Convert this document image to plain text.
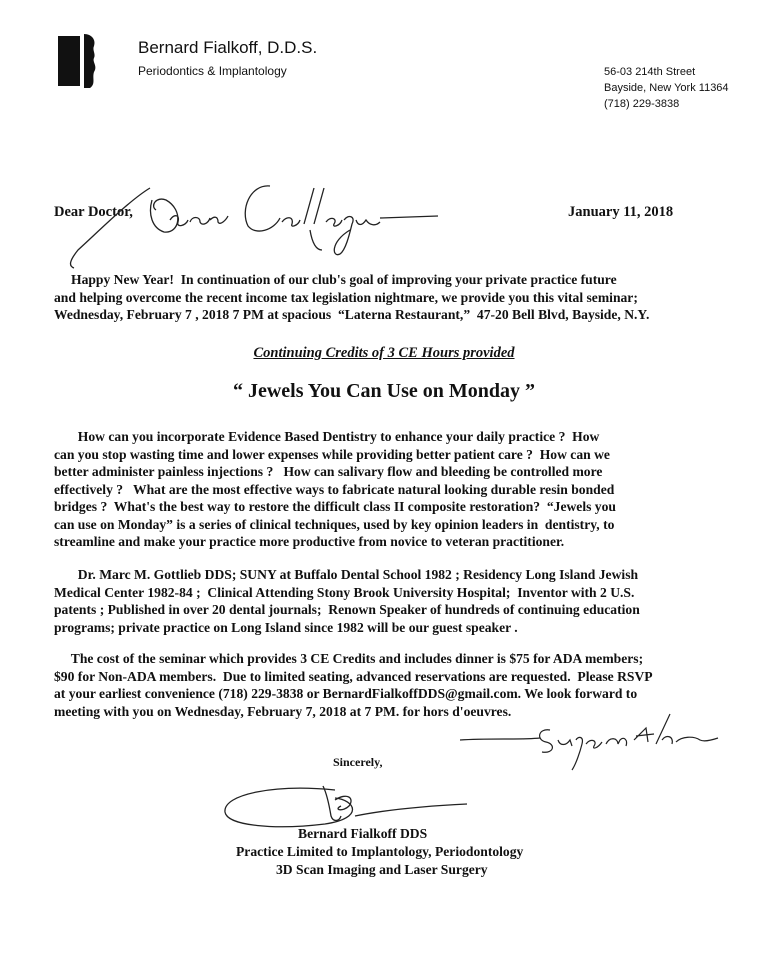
Bernard Fialkoff, D.D.S.
Periodontics & Implantology	56-03 214th Street
Bayside, New York 11364
(718) 229-3838
Dear Doctor,	January 11, 2018
Happy New Year!  In continuation of our club's goal of improving your private practice future
and helping overcome the recent income tax legislation nightmare, we provide you this vital seminar;
Wednesday, February 7 , 2018 7 PM at spacious  “Laterna Restaurant,”  47-20 Bell Blvd, Bayside, N.Y.
Continuing Credits of 3 CE Hours provided
“ Jewels You Can Use on Monday ”
How can you incorporate Evidence Based Dentistry to enhance your daily practice ?  How
can you stop wasting time and lower expenses while providing better patient care ?  How can we
better administer painless injections ?   How can salivary flow and bleeding be controlled more
effectively ?   What are the most effective ways to fabricate natural looking durable resin bonded
bridges ?  What's the best way to restore the difficult class II composite restoration?  “Jewels you
can use on Monday” is a series of clinical techniques, used by key opinion leaders in  dentistry, to
streamline and make your practice more productive from novice to veteran practitioner.
Dr. Marc M. Gottlieb DDS; SUNY at Buffalo Dental School 1982 ; Residency Long Island Jewish
Medical Center 1982-84 ;  Clinical Attending Stony Brook University Hospital;  Inventor with 2 U.S.
patents ; Published in over 20 dental journals;  Renown Speaker of hundreds of continuing education
programs; private practice on Long Island since 1982 will be our guest speaker .
The cost of the seminar which provides 3 CE Credits and includes dinner is $75 for ADA members;
$90 for Non-ADA members.  Due to limited seating, advanced reservations are requested.  Please RSVP
at your earliest convenience (718) 229-3838 or BernardFialkoffDDS@gmail.com. We look forward to
meeting with you on Wednesday, February 7, 2018 at 7 PM. for hors d'oeuvres.
Sincerely,
Bernard Fialkoff DDS
Practice Limited to Implantology, Periodontology
3D Scan Imaging and Laser Surgery
